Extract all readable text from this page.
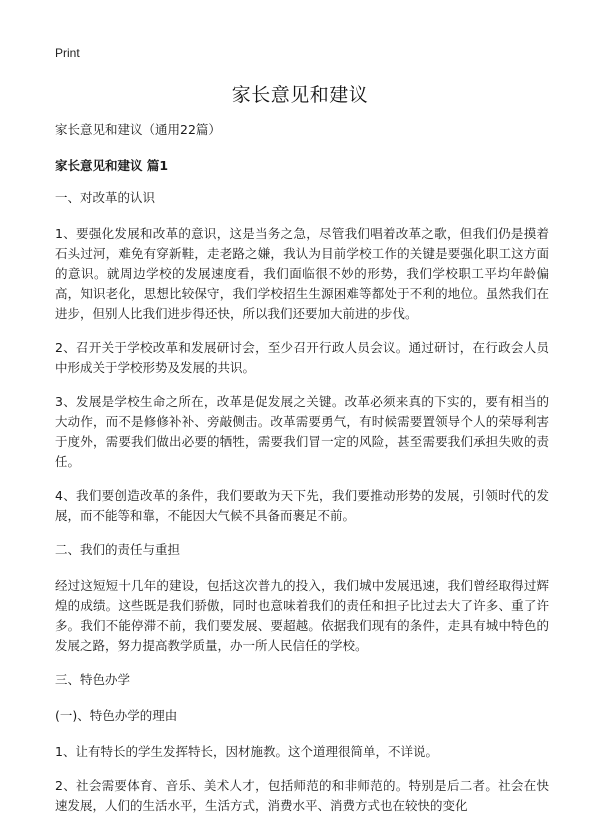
Print
家长意见和建议

家长意见和建议（通用22篇）

家长意见和建议 篇1

一、对改革的认识

1、要强化发展和改革的意识，这是当务之急，尽管我们唱着改革之歌，但我们仍是摸着石头过河，难免有穿新鞋，走老路之嫌，我认为目前学校工作的关键是要强化职工这方面的意识。就周边学校的发展速度看，我们面临很不妙的形势，我们学校职工平均年龄偏高，知识老化，思想比较保守，我们学校招生生源困难等都处于不利的地位。虽然我们在进步，但别人比我们进步得还快，所以我们还要加大前进的步伐。

2、召开关于学校改革和发展研讨会，至少召开行政人员会议。通过研讨，在行政会人员中形成关于学校形势及发展的共识。

3、发展是学校生命之所在，改革是促发展之关键。改革必须来真的下实的，要有相当的大动作，而不是修修补补、旁敲侧击。改革需要勇气，有时候需要置领导个人的荣辱利害于度外，需要我们做出必要的牺牲，需要我们冒一定的风险，甚至需要我们承担失败的责任。

4、我们要创造改革的条件，我们要敢为天下先，我们要推动形势的发展，引领时代的发展，而不能等和靠，不能因大气候不具备而裹足不前。

二、我们的责任与重担

经过这短短十几年的建设，包括这次普九的投入，我们城中发展迅速，我们曾经取得过辉煌的成绩。这些既是我们骄傲，同时也意味着我们的责任和担子比过去大了许多、重了许多。我们不能停滞不前，我们要发展、要超越。依据我们现有的条件，走具有城中特色的发展之路，努力提高教学质量，办一所人民信任的学校。

三、特色办学

(一)、特色办学的理由

1、让有特长的学生发挥特长，因材施教。这个道理很简单，不详说。

2、社会需要体育、音乐、美术人才，包括师范的和非师范的。特别是后二者。社会在快速发展，人们的生活水平，生活方式，消费水平、消费方式也在较快的变化
